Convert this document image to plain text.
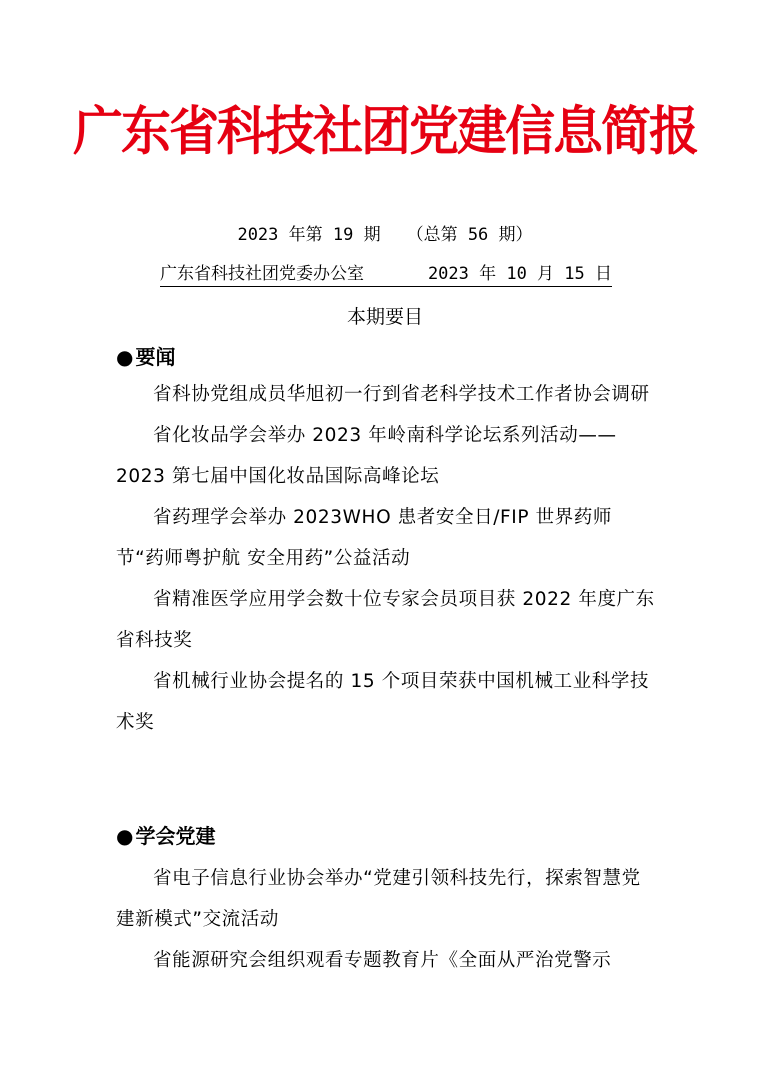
广东省科技社团党建信息简报
2023 年第 19 期 （总第 56 期）
广东省科技社团党委办公室	2023 年 10 月 15 日
本期要目
● 要闻

省科协党组成员华旭初一行到省老科学技术工作者协会调研

省化妆品学会举办 2023 年岭南科学论坛系列活动——2023 第七届中国化妆品国际高峰论坛

省药理学会举办 2023WHO 患者安全日/FIP 世界药师节“药师粤护航 安全用药”公益活动

省精准医学应用学会数十位专家会员项目获 2022 年度广东省科技奖

省机械行业协会提名的 15 个项目荣获中国机械工业科学技术奖

● 学会党建

省电子信息行业协会举办“党建引领科技先行，探索智慧党建新模式”交流活动

省能源研究会组织观看专题教育片《全面从严治党警示
